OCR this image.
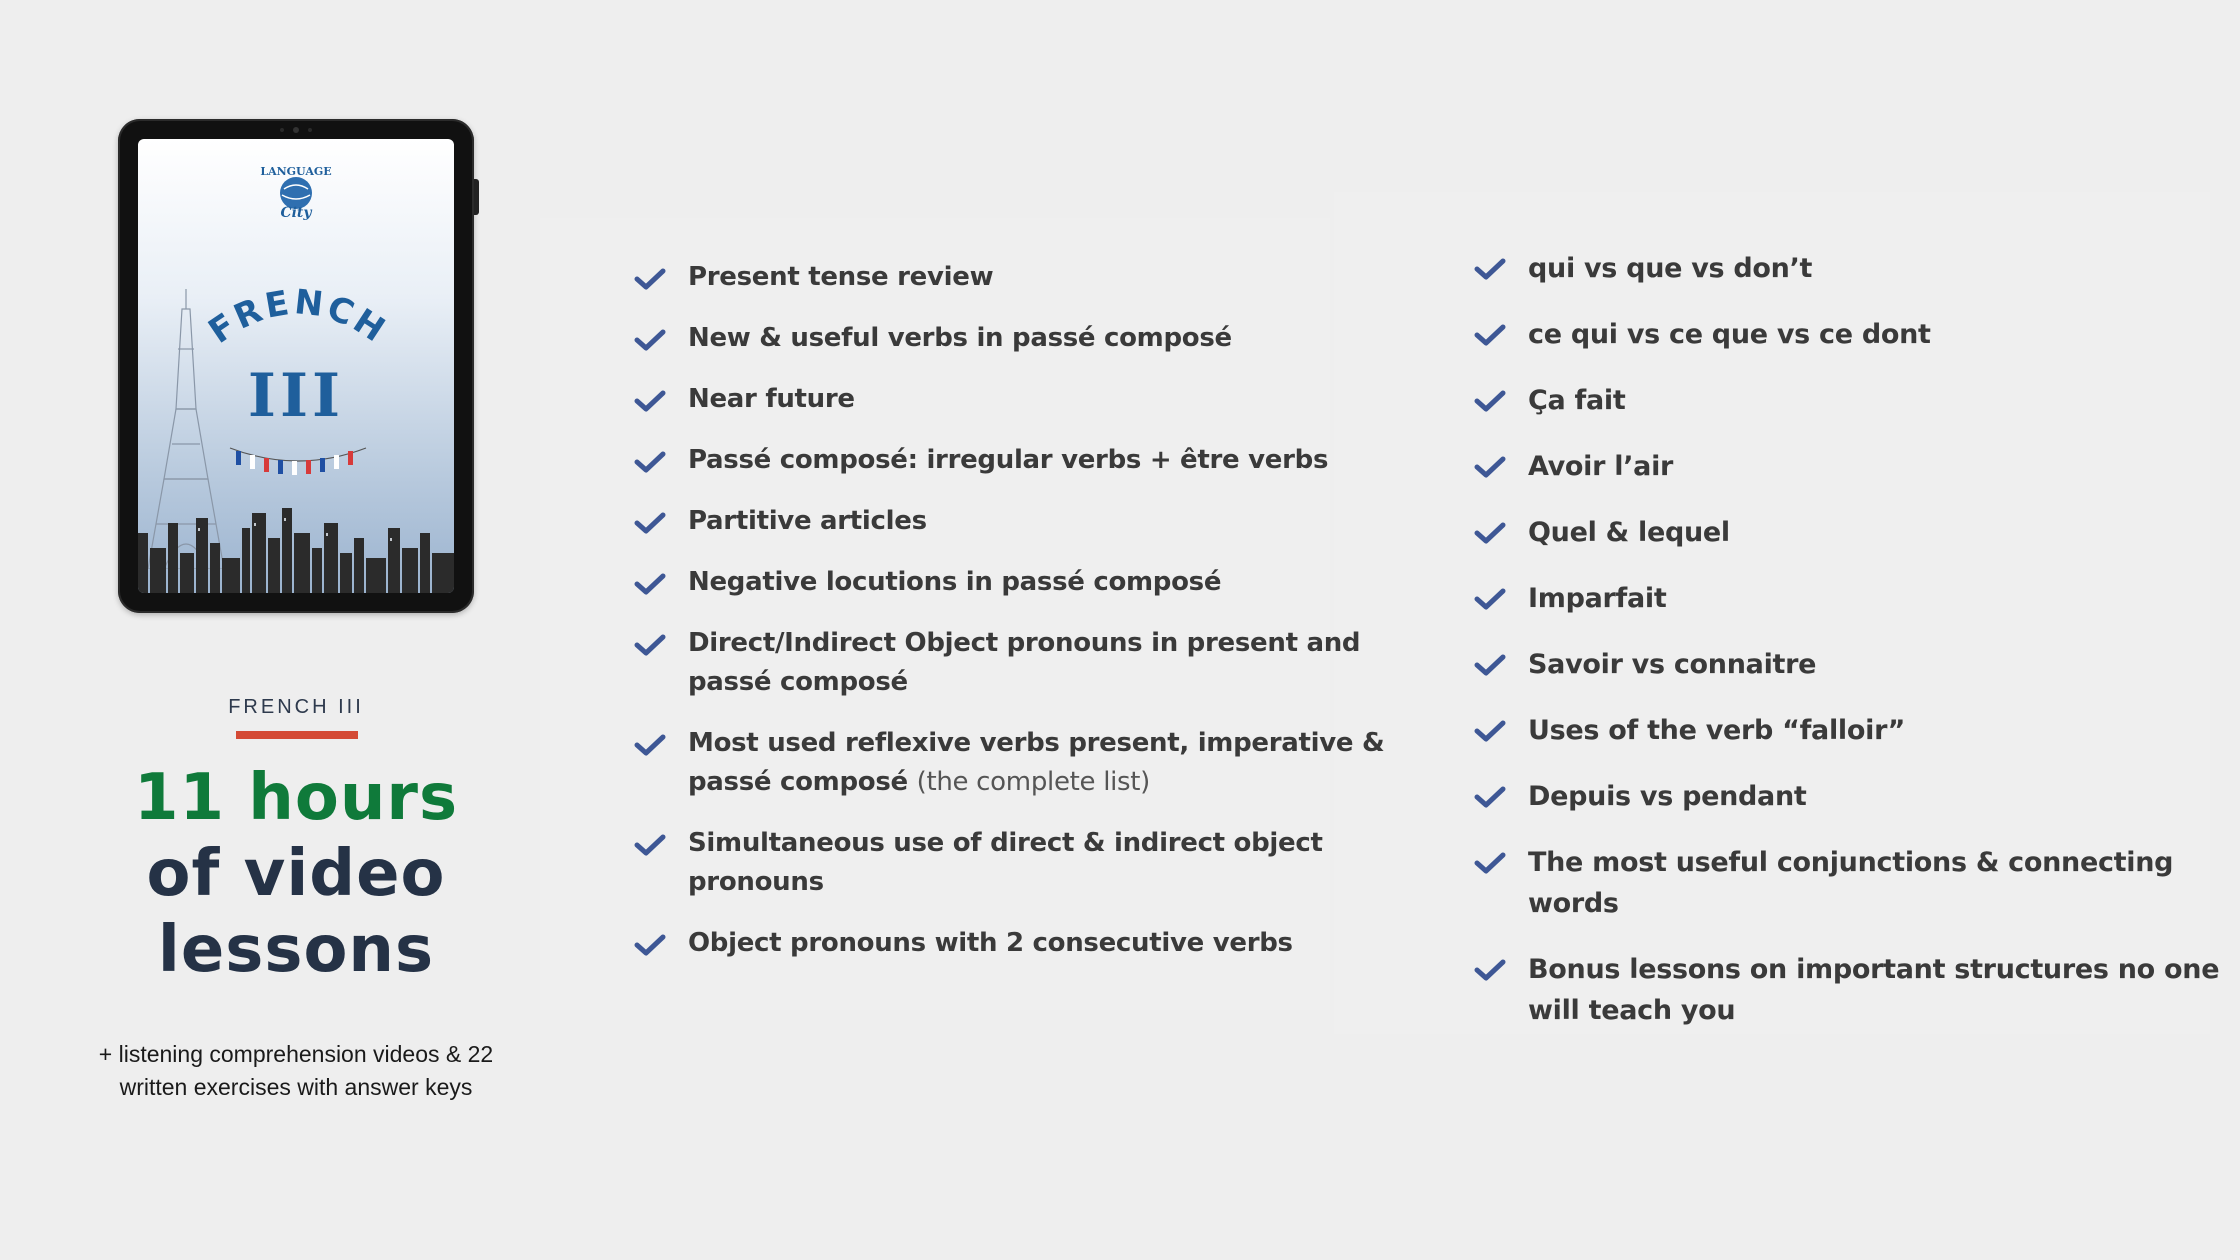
LANGUAGE
City
FRENCH
III
FRENCH III
11 hours
of video
lessons
+ listening comprehension videos & 22 written exercises with answer keys
Present tense review
New & useful verbs in passé composé
Near future
Passé composé: irregular verbs + être verbs
Partitive articles
Negative locutions in passé composé
Direct/Indirect Object pronouns in present and passé composé
Most used reflexive verbs present, imperative & passé composé (the complete list)
Simultaneous use of direct & indirect object pronouns
Object pronouns with 2 consecutive verbs
qui vs que vs don’t
ce qui vs ce que vs ce dont
Ça fait
Avoir l’air
Quel & lequel
Imparfait
Savoir vs connaitre
Uses of the verb “falloir”
Depuis vs pendant
The most useful conjunctions & connecting words
Bonus lessons on important structures no one will teach you
